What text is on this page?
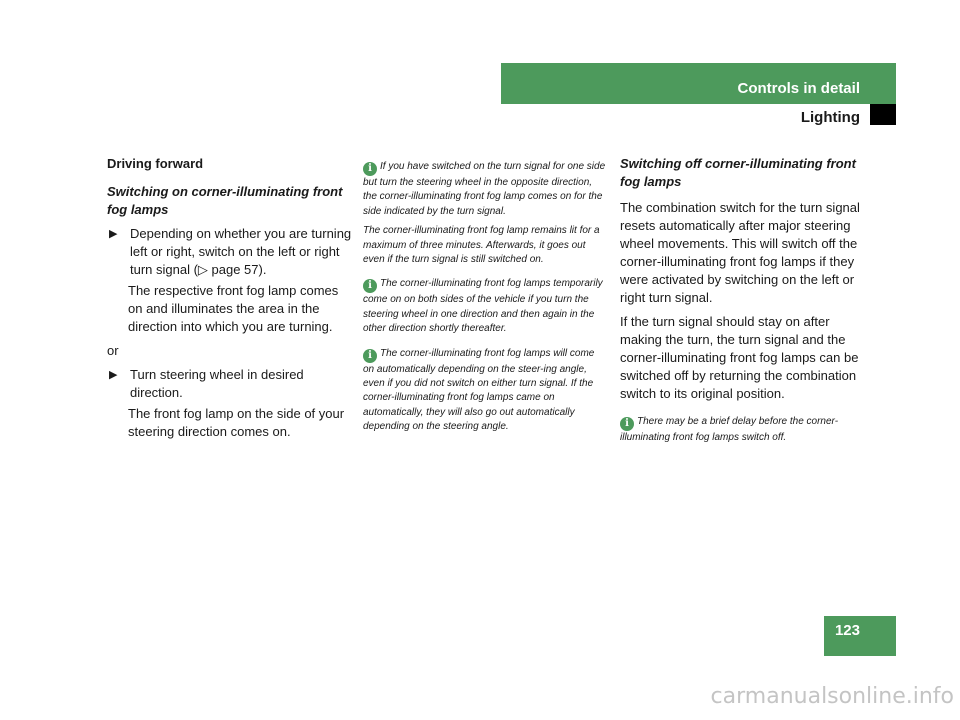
Controls in detail
Lighting

Driving forward

Switching on corner-illuminating front fog lamps

▶ Depending on whether you are turning left or right, switch on the left or right turn signal (▷ page 57).

The respective front fog lamp comes on and illuminates the area in the direction into which you are turning.

or

▶ Turn steering wheel in desired direction.

The front fog lamp on the side of your steering direction comes on.

i If you have switched on the turn signal for one side but turn the steering wheel in the opposite direction, the corner-illuminating front fog lamp comes on for the side indicated by the turn signal.

The corner-illuminating front fog lamp remains lit for a maximum of three minutes. Afterwards, it goes out even if the turn signal is still switched on.

i The corner-illuminating front fog lamps temporarily come on on both sides of the vehicle if you turn the steering wheel in one direction and then again in the other direction shortly thereafter.

i The corner-illuminating front fog lamps will come on automatically depending on the steer-ing angle, even if you did not switch on either turn signal. If the corner-illuminating front fog lamps came on automatically, they will also go out automatically depending on the steering angle.

Switching off corner-illuminating front fog lamps

The combination switch for the turn signal resets automatically after major steering wheel movements. This will switch off the corner-illuminating front fog lamps if they were activated by switching on the left or right turn signal.

If the turn signal should stay on after making the turn, the turn signal and the corner-illuminating front fog lamps can be switched off by returning the combination switch to its original position.

i There may be a brief delay before the corner-illuminating front fog lamps switch off.

123
carmanualsonline.info
